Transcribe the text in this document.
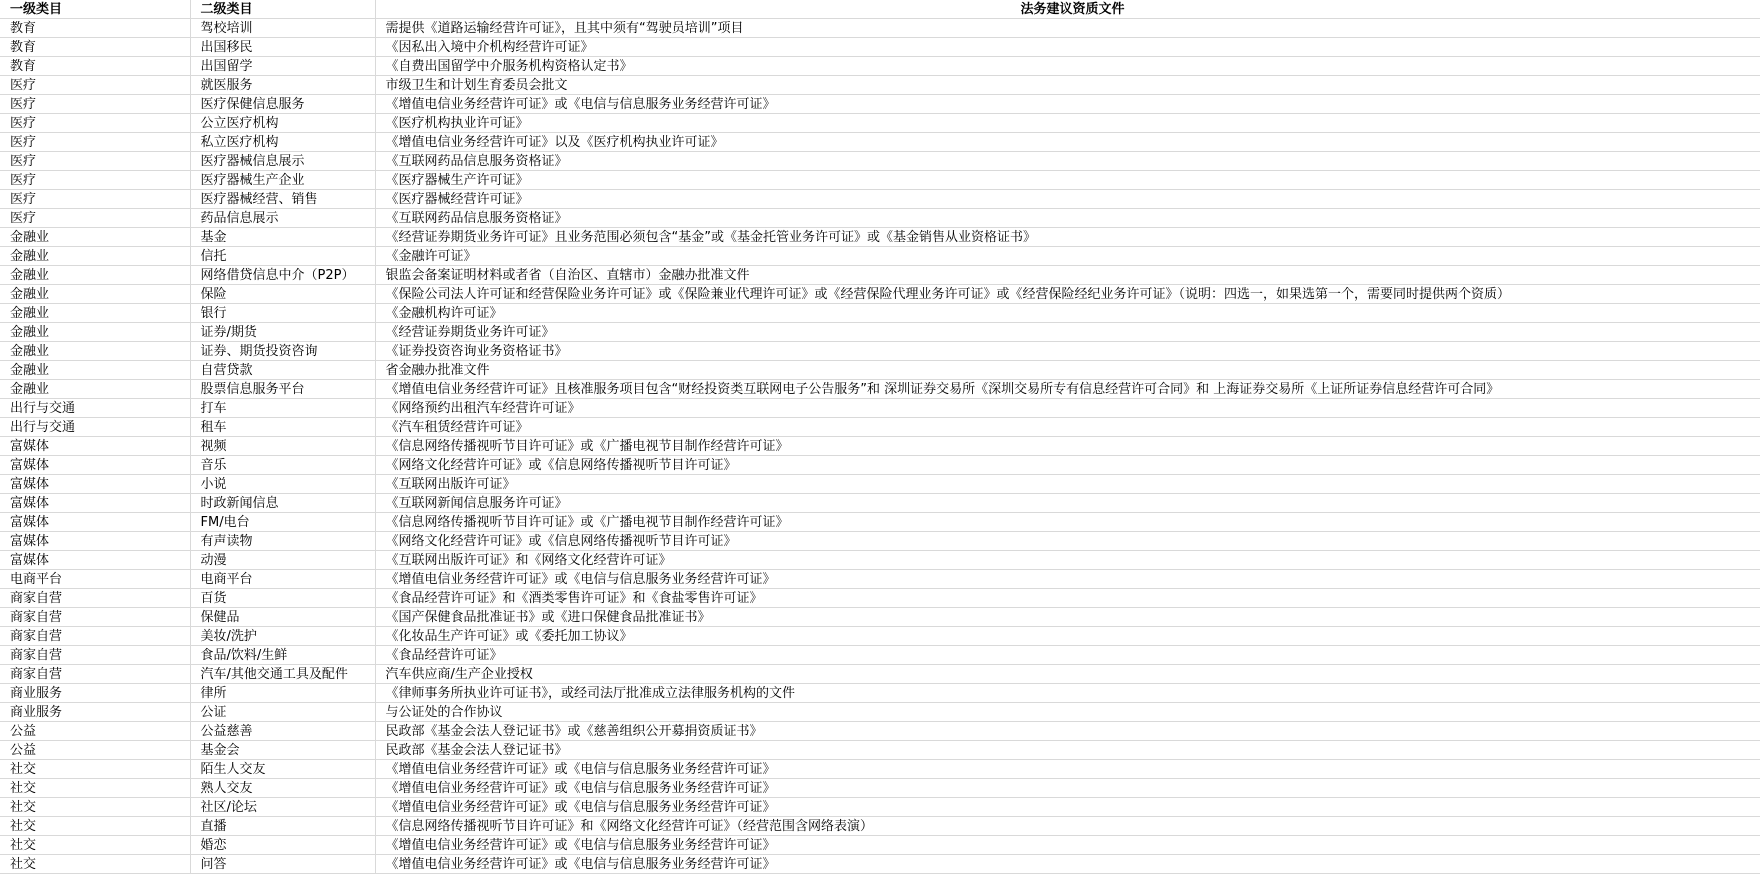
一级类目	二级类目	法务建议资质文件
教育	驾校培训	需提供《道路运输经营许可证》，且其中须有“驾驶员培训”项目
教育	出国移民	《因私出入境中介机构经营许可证》
教育	出国留学	《自费出国留学中介服务机构资格认定书》
医疗	就医服务	市级卫生和计划生育委员会批文
医疗	医疗保健信息服务	《增值电信业务经营许可证》或《电信与信息服务业务经营许可证》
医疗	公立医疗机构	《医疗机构执业许可证》
医疗	私立医疗机构	《增值电信业务经营许可证》以及《医疗机构执业许可证》
医疗	医疗器械信息展示	《互联网药品信息服务资格证》
医疗	医疗器械生产企业	《医疗器械生产许可证》
医疗	医疗器械经营、销售	《医疗器械经营许可证》
医疗	药品信息展示	《互联网药品信息服务资格证》
金融业	基金	《经营证券期货业务许可证》且业务范围必须包含“基金”或《基金托管业务许可证》或《基金销售从业资格证书》
金融业	信托	《金融许可证》
金融业	网络借贷信息中介（P2P）	银监会备案证明材料或者省（自治区、直辖市）金融办批准文件
金融业	保险	《保险公司法人许可证和经营保险业务许可证》或《保险兼业代理许可证》或《经营保险代理业务许可证》或《经营保险经纪业务许可证》（说明：四选一，如果选第一个，需要同时提供两个资质）
金融业	银行	《金融机构许可证》
金融业	证券/期货	《经营证券期货业务许可证》
金融业	证券、期货投资咨询	《证券投资咨询业务资格证书》
金融业	自营贷款	省金融办批准文件
金融业	股票信息服务平台	《增值电信业务经营许可证》且核准服务项目包含“财经投资类互联网电子公告服务”和 深圳证券交易所《深圳交易所专有信息经营许可合同》和 上海证券交易所《上证所证券信息经营许可合同》
出行与交通	打车	《网络预约出租汽车经营许可证》
出行与交通	租车	《汽车租赁经营许可证》
富媒体	视频	《信息网络传播视听节目许可证》或《广播电视节目制作经营许可证》
富媒体	音乐	《网络文化经营许可证》或《信息网络传播视听节目许可证》
富媒体	小说	《互联网出版许可证》
富媒体	时政新闻信息	《互联网新闻信息服务许可证》
富媒体	FM/电台	《信息网络传播视听节目许可证》或《广播电视节目制作经营许可证》
富媒体	有声读物	《网络文化经营许可证》或《信息网络传播视听节目许可证》
富媒体	动漫	《互联网出版许可证》和《网络文化经营许可证》
电商平台	电商平台	《增值电信业务经营许可证》或《电信与信息服务业务经营许可证》
商家自营	百货	《食品经营许可证》和《酒类零售许可证》和《食盐零售许可证》
商家自营	保健品	《国产保健食品批准证书》或《进口保健食品批准证书》
商家自营	美妆/洗护	《化妆品生产许可证》或《委托加工协议》
商家自营	食品/饮料/生鲜	《食品经营许可证》
商家自营	汽车/其他交通工具及配件	汽车供应商/生产企业授权
商业服务	律所	《律师事务所执业许可证书》，或经司法厅批准成立法律服务机构的文件
商业服务	公证	与公证处的合作协议
公益	公益慈善	民政部《基金会法人登记证书》或《慈善组织公开募捐资质证书》
公益	基金会	民政部《基金会法人登记证书》
社交	陌生人交友	《增值电信业务经营许可证》或《电信与信息服务业务经营许可证》
社交	熟人交友	《增值电信业务经营许可证》或《电信与信息服务业务经营许可证》
社交	社区/论坛	《增值电信业务经营许可证》或《电信与信息服务业务经营许可证》
社交	直播	《信息网络传播视听节目许可证》和《网络文化经营许可证》（经营范围含网络表演）
社交	婚恋	《增值电信业务经营许可证》或《电信与信息服务业务经营许可证》
社交	问答	《增值电信业务经营许可证》或《电信与信息服务业务经营许可证》
